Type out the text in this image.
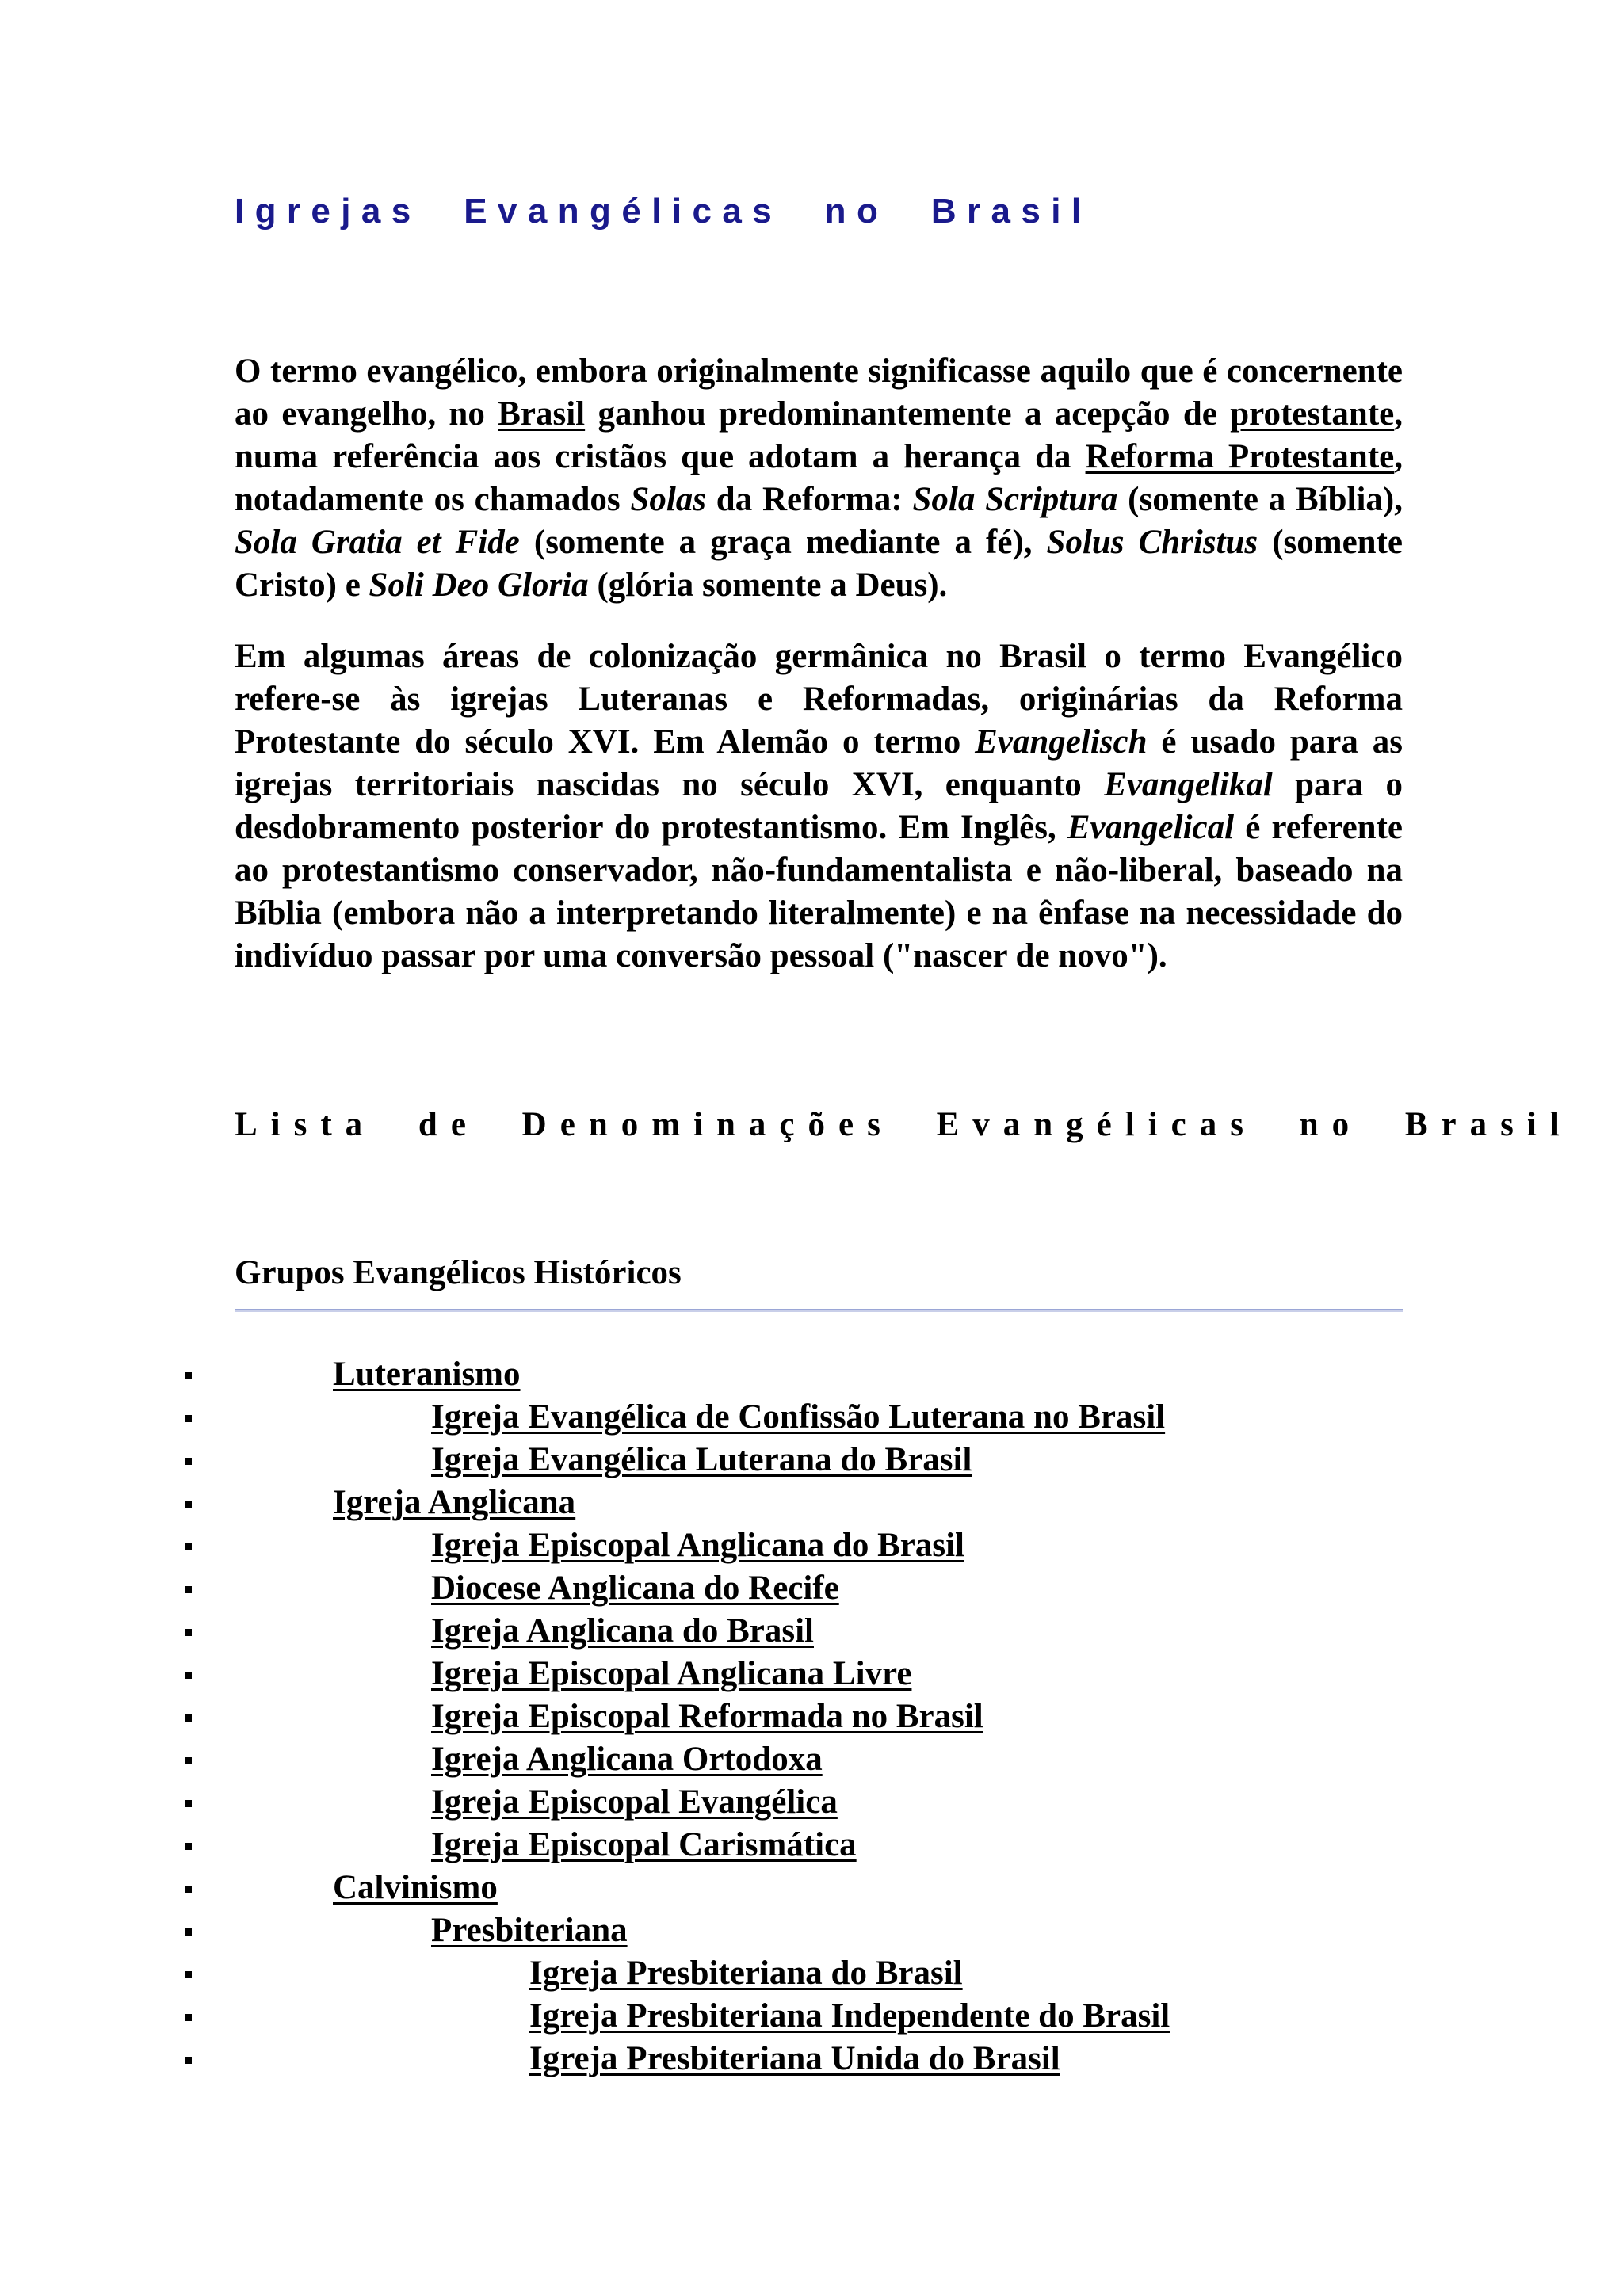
Igrejas Evangélicas no Brasil

O termo evangélico, embora originalmente significasse aquilo que é concernente ao evangelho, no Brasil ganhou predominantemente a acepção de protestante, numa referência aos cristãos que adotam a herança da Reforma Protestante, notadamente os chamados Solas da Reforma: Sola Scriptura (somente a Bíblia), Sola Gratia et Fide (somente a graça mediante a fé), Solus Christus (somente Cristo) e Soli Deo Gloria (glória somente a Deus).

Em algumas áreas de colonização germânica no Brasil o termo Evangélico refere-se às igrejas Luteranas e Reformadas, originárias da Reforma Protestante do século XVI. Em Alemão o termo Evangelisch é usado para as igrejas territoriais nascidas no século XVI, enquanto Evangelikal para o desdobramento posterior do protestantismo. Em Inglês, Evangelical é referente ao protestantismo conservador, não-fundamentalista e não-liberal, baseado na Bíblia (embora não a interpretando literalmente) e na ênfase na necessidade do indivíduo passar por uma conversão pessoal ("nascer de novo").

Lista de Denominações Evangélicas no Brasil
Grupos Evangélicos Históricos
Luteranismo
Igreja Evangélica de Confissão Luterana no Brasil
Igreja Evangélica Luterana do Brasil
Igreja Anglicana
Igreja Episcopal Anglicana do Brasil
Diocese Anglicana do Recife
Igreja Anglicana do Brasil
Igreja Episcopal Anglicana Livre
Igreja Episcopal Reformada no Brasil
Igreja Anglicana Ortodoxa
Igreja Episcopal Evangélica
Igreja Episcopal Carismática
Calvinismo
Presbiteriana
Igreja Presbiteriana do Brasil
Igreja Presbiteriana Independente do Brasil
Igreja Presbiteriana Unida do Brasil
